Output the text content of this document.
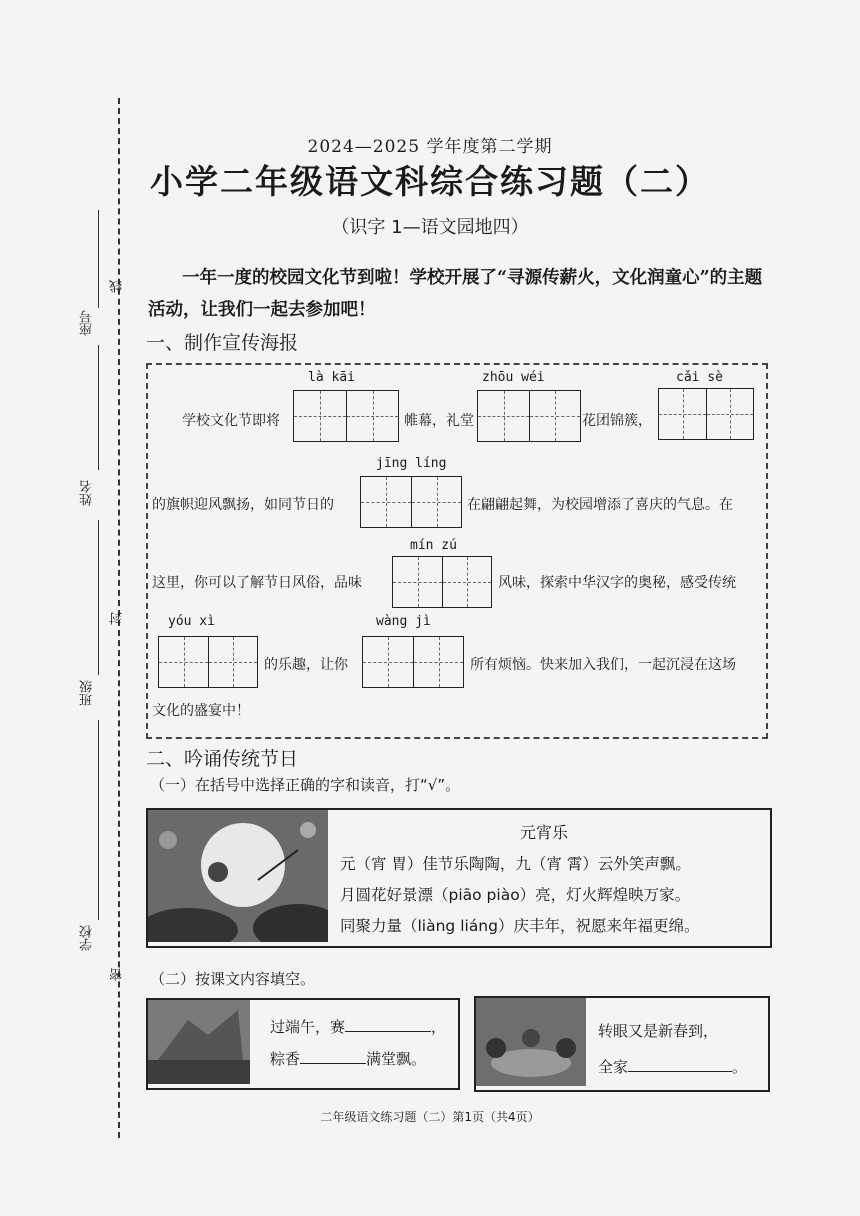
座号
姓名
班级
学校
线
封
密
2024—2025 学年度第二学期
小学二年级语文科综合练习题（二）
（识字 1—语文园地四）
一年一度的校园文化节到啦！学校开展了“寻源传薪火，文化润童心”的主题活动，让我们一起去参加吧！
一、制作宣传海报
là kāi	zhōu wéi	cǎi sè
学校文化节即将	帷幕，礼堂	花团锦簇，
jīng líng
的旗帜迎风飘扬，如同节日的	在翩翩起舞，为校园增添了喜庆的气息。在
mín zú
这里，你可以了解节日风俗，品味	风味，探索中华汉字的奥秘，感受传统
yóu xì	wàng jì
的乐趣，让你	所有烦恼。快来加入我们，一起沉浸在这场
文化的盛宴中！
二、吟诵传统节日
（一）在括号中选择正确的字和读音，打“√”。
元宵乐
元（宵 胃）佳节乐陶陶，九（宵 霄）云外笑声飘。
月圆花好景漂（piāo piào）亮，灯火辉煌映万家。
同聚力量（liàng liáng）庆丰年，祝愿来年福更绵。
（二）按课文内容填空。
过端午，赛	，
粽香	满堂飘。
转眼又是新春到，
全家	。
二年级语文练习题（二）第1页（共4页）
